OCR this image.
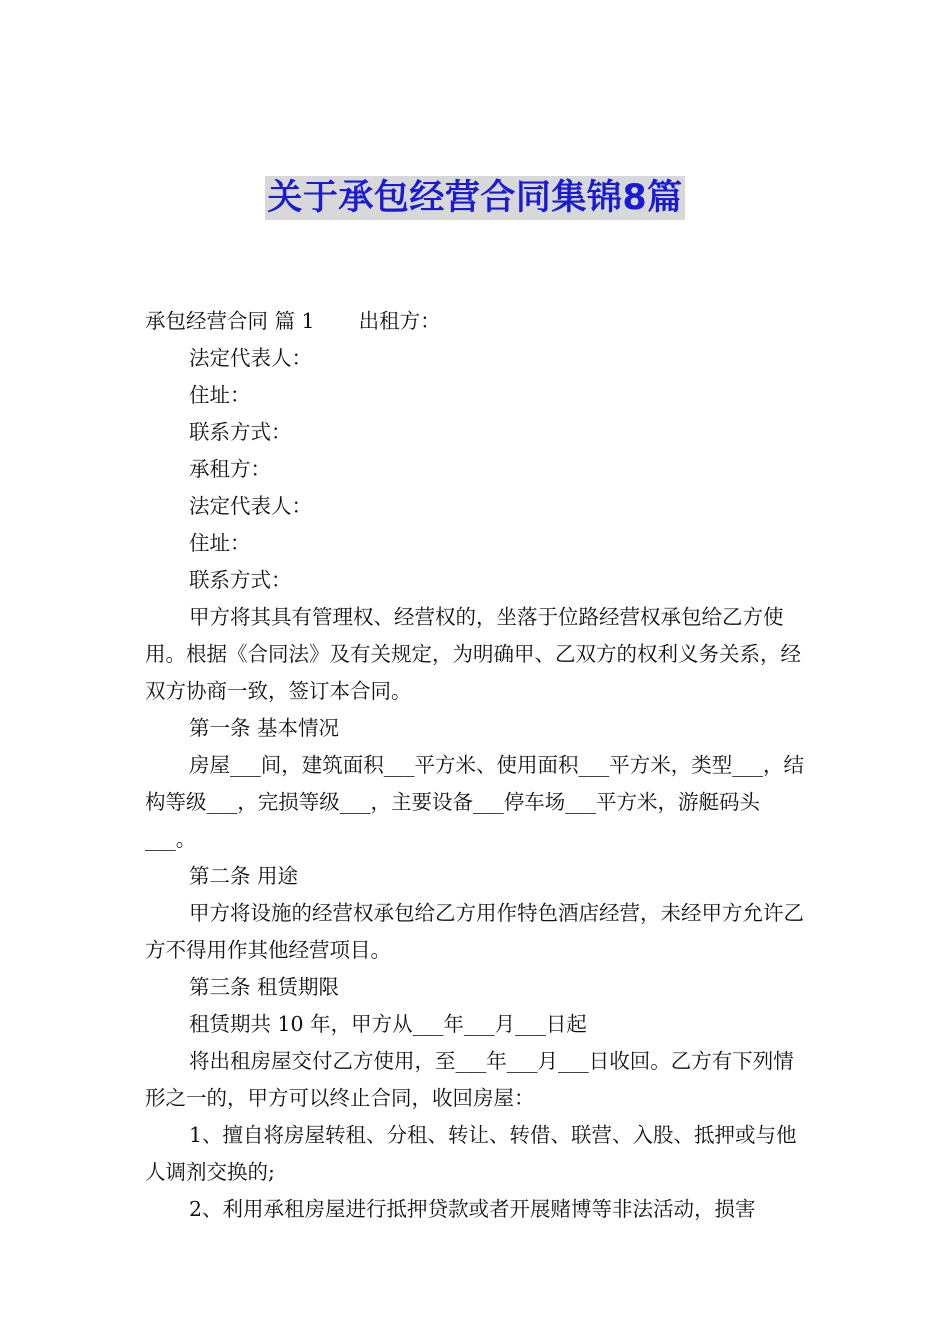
关于承包经营合同集锦8篇

承包经营合同 篇 1 出租方：

法定代表人：

住址：

联系方式：

承租方：

法定代表人：

住址：

联系方式：

甲方将其具有管理权、经营权的，坐落于位路经营权承包给乙方使用。根据《合同法》及有关规定，为明确甲、乙双方的权利义务关系，经双方协商一致，签订本合同。

第一条 基本情况

房屋___间，建筑面积___平方米、使用面积___平方米，类型___，结构等级___，完损等级___，主要设备___停车场___平方米，游艇码头___。

第二条 用途

甲方将设施的经营权承包给乙方用作特色酒店经营，未经甲方允许乙方不得用作其他经营项目。

第三条 租赁期限

租赁期共 10 年，甲方从___年___月___日起

将出租房屋交付乙方使用，至___年___月___日收回。乙方有下列情形之一的，甲方可以终止合同，收回房屋：

1、擅自将房屋转租、分租、转让、转借、联营、入股、抵押或与他人调剂交换的;

2、利用承租房屋进行抵押贷款或者开展赌博等非法活动，损害
